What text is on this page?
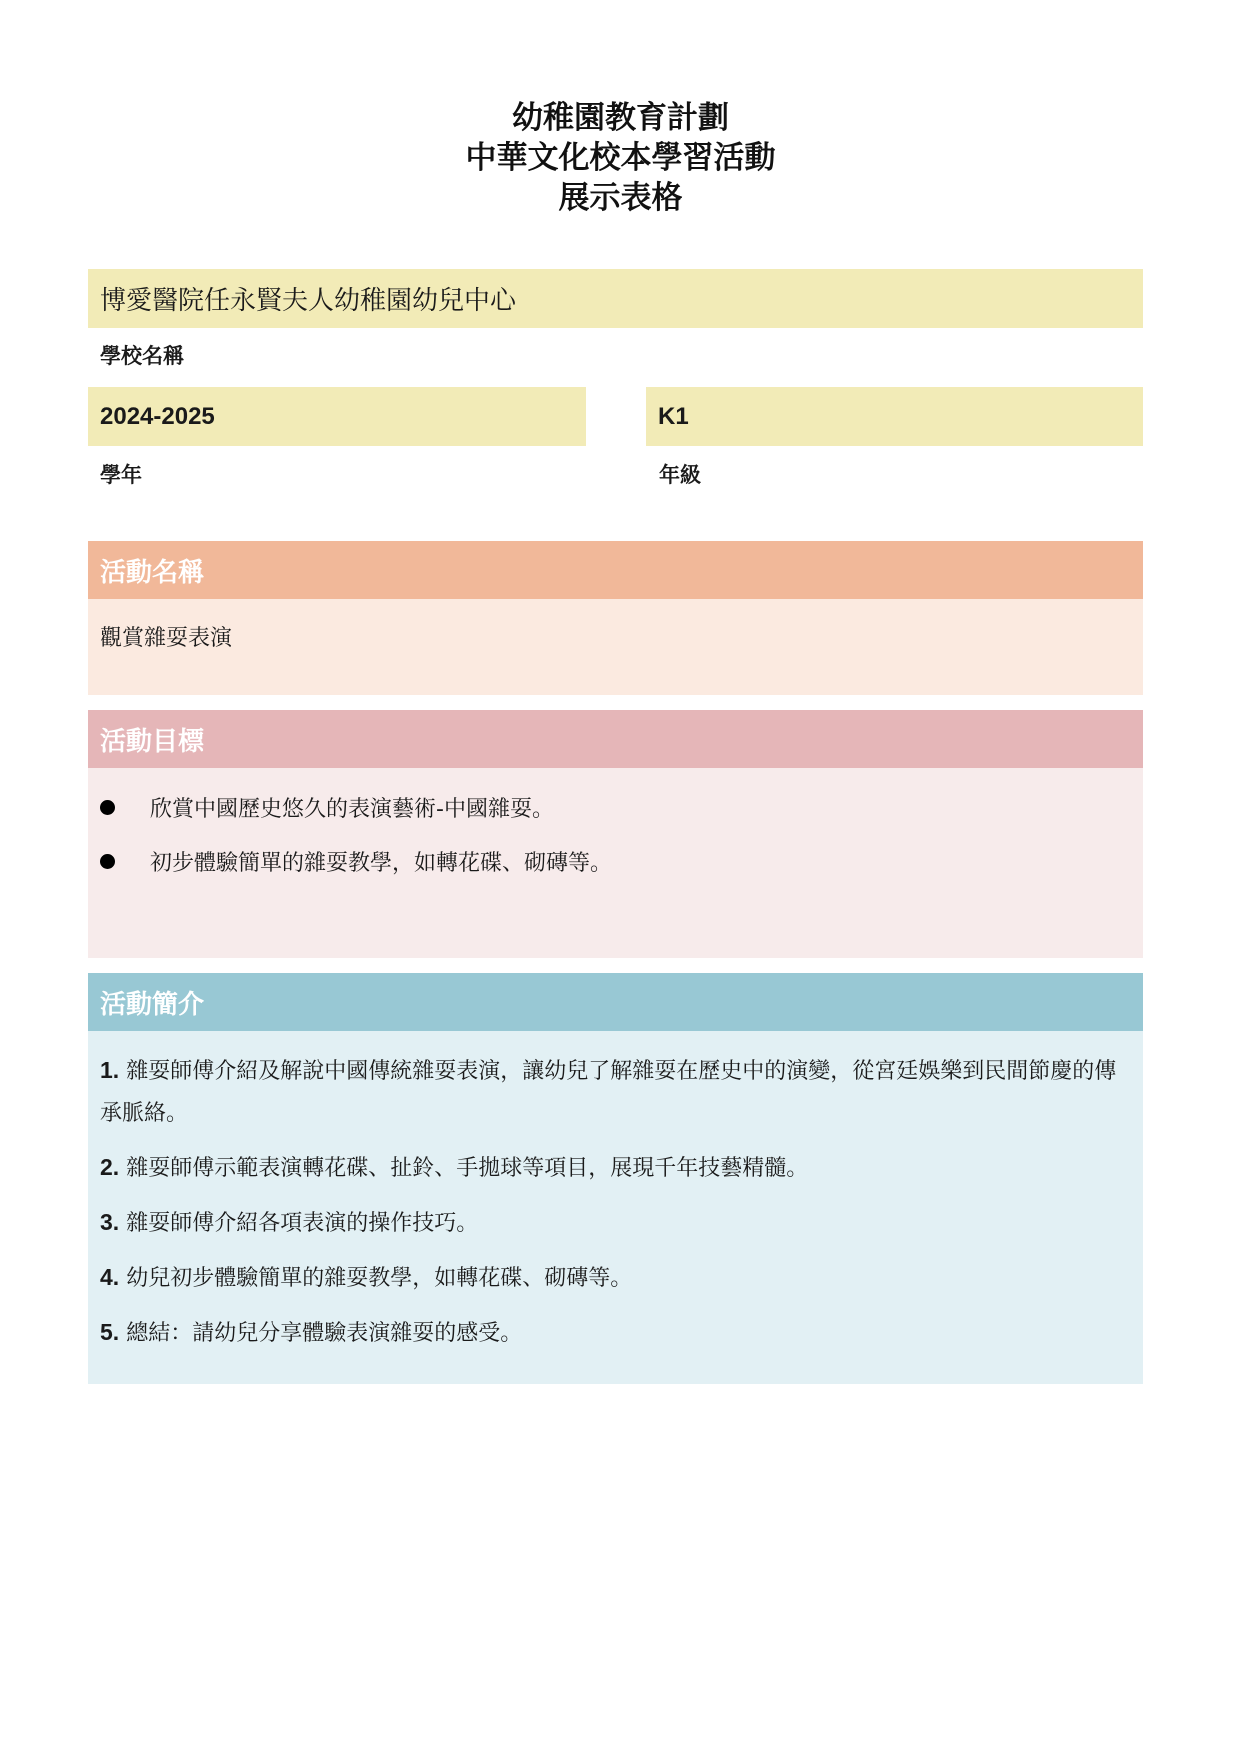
幼稚園教育計劃
中華文化校本學習活動
展示表格
博愛醫院任永賢夫人幼稚園幼兒中心
學校名稱
2024-2025
學年
K1
年級
活動名稱
觀賞雜耍表演
活動目標
欣賞中國歷史悠久的表演藝術-中國雜耍。
初步體驗簡單的雜耍教學，如轉花碟、砌磚等。
活動簡介
1. 雜耍師傅介紹及解說中國傳統雜耍表演，讓幼兒了解雜耍在歷史中的演變，從宮廷娛樂到民間節慶的傳承脈絡。
2. 雜耍師傅示範表演轉花碟、扯鈴、手拋球等項目，展現千年技藝精髓。
3. 雜耍師傅介紹各項表演的操作技巧。
4. 幼兒初步體驗簡單的雜耍教學，如轉花碟、砌磚等。
5. 總結：請幼兒分享體驗表演雜耍的感受。
